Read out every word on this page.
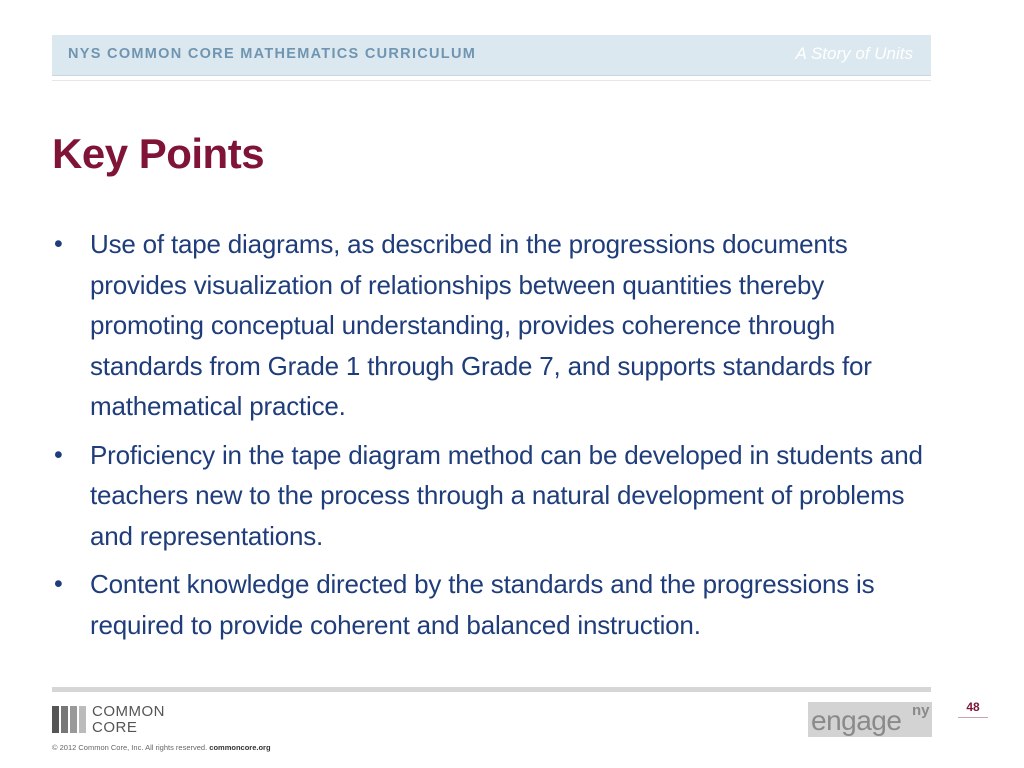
NYS COMMON CORE MATHEMATICS CURRICULUM	A Story of Units
Key Points
• Use of tape diagrams, as described in the progressions documents provides visualization of relationships between quantities thereby promoting conceptual understanding, provides coherence through standards from Grade 1 through Grade 7, and supports standards for mathematical practice.
• Proficiency in the tape diagram method can be developed in students and teachers new to the process through a natural development of problems and representations.
• Content knowledge directed by the standards and the progressions is required to provide coherent and balanced instruction.
COMMON
CORE
© 2012 Common Core, Inc. All rights reserved. commoncore.org
48
engage ny
